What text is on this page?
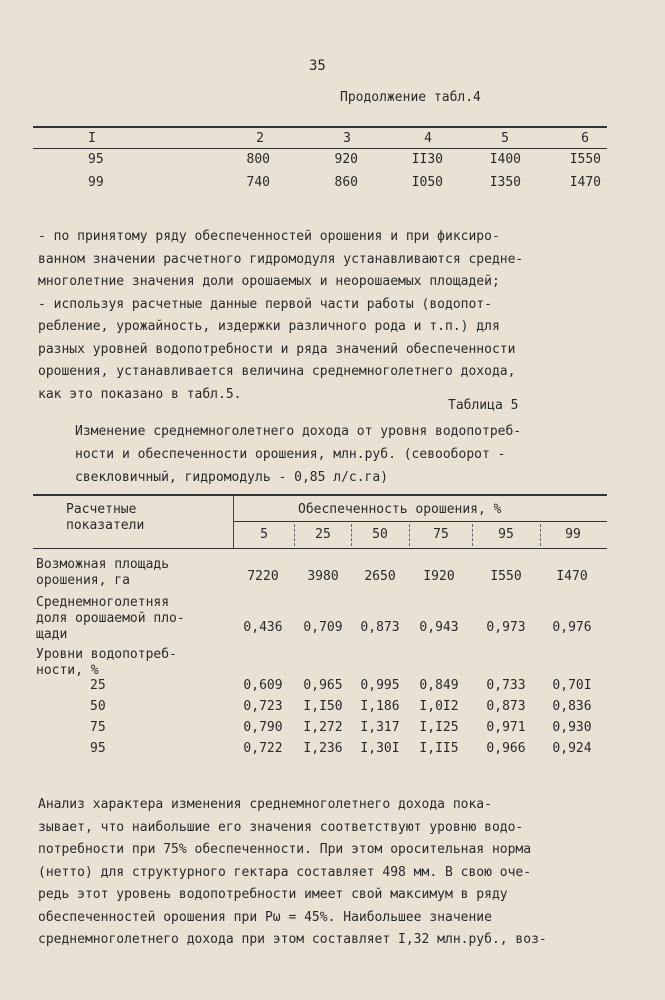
35
Продолжение табл.4
I	2	3	4	5	6
95	800	920	II30	I400	I550
99	740	860	I050	I350	I470
- по принятому ряду обеспеченностей орошения и при фиксиро-
ванном значении расчетного гидромодуля устанавливаются средне-
многолетние значения доли орошаемых и неорошаемых площадей;
- используя расчетные данные первой части работы (водопот-
ребление, урожайность, издержки различного рода и т.п.) для
разных уровней водопотребности и ряда значений обеспеченности
орошения, устанавливается величина среднемноголетнего дохода,
как это показано в табл.5.
Таблица 5
Изменение среднемноголетнего дохода от уровня водопотреб-
ности и обеспеченности орошения, млн.руб. (севооборот -
свекловичный, гидромодуль - 0,85 л/с.га)
Расчетные
показатели
Обеспеченность орошения, %
5	25	50	75	95	99
Возможная площадь
орошения, га	7220	3980	2650	I920	I550	I470
Среднемноголетняя
доля орошаемой пло-
щади	0,436	0,709	0,873	0,943	0,973	0,976
Уровни водопотреб-
ности, %
25	0,609	0,965	0,995	0,849	0,733	0,70I
50	0,723	I,I50	I,186	I,0I2	0,873	0,836
75	0,790	I,272	I,317	I,I25	0,971	0,930
95	0,722	I,236	I,30I	I,II5	0,966	0,924
Анализ характера изменения среднемноголетнего дохода пока-
зывает, что наибольшие его значения соответствуют уровню водо-
потребности при 75% обеспеченности. При этом оросительная норма
(нетто) для структурного гектара составляет 498 мм. В свою оче-
редь этот уровень водопотребности имеет свой максимум в ряду
обеспеченностей орошения при Pω = 45%. Наибольшее значение
среднемноголетнего дохода при этом составляет I,32 млн.руб., воз-
